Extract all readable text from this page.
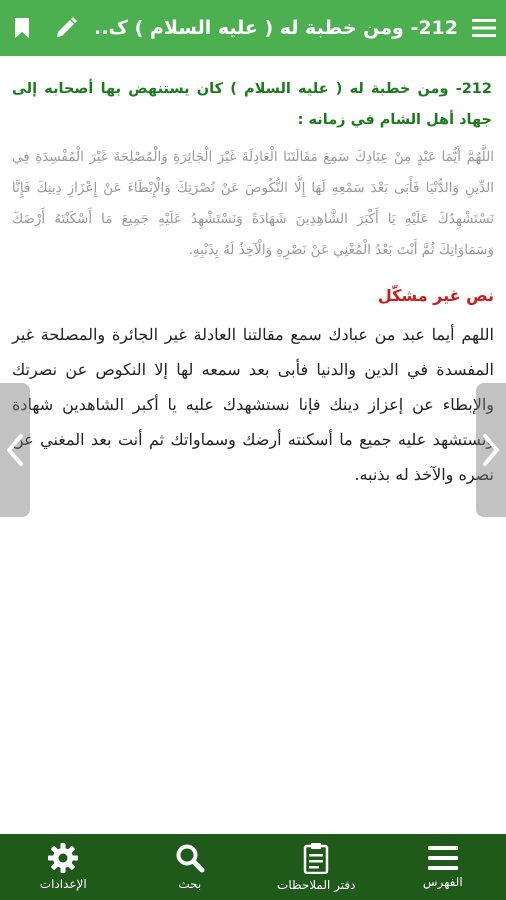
212- ومن خطبة له ( عليه السلام ) ک..

212- ومن خطبة له ( عليه السلام ) كان يستنهض بها أصحابه إلى جهاد أهل الشام في زمانه :

اللَّهُمَّ أَيُّمَا عَبْدٍ مِنْ عِبَادِكَ سَمِعَ مَقَالَتَنَا الْعَادِلَةَ غَيْرَ الْجَائِرَةِ وَالْمُصْلِحَةَ غَيْرَ الْمُفْسِدَةِ فِي الدِّينِ وَالدُّنْيَا فَأَبَى بَعْدَ سَمْعِهِ لَهَا إِلَّا النُّكُوصَ عَنْ نُصْرَتِكَ وَالْإِبْطَاءَ عَنْ إِعْزَازِ دِينِكَ فَإِنَّا نَسْتَشْهِدُكَ عَلَيْهِ يَا أَكْبَرَ الشَّاهِدِينَ شَهَادَةً وَنَسْتَشْهِدُ عَلَيْهِ جَمِيعَ مَا أَسْكَنْتَهُ أَرْضَكَ وَسَمَاوَاتِكَ ثُمَّ أَنْتَ بَعْدُ الْمُغْنِي عَنْ نَصْرِهِ وَالْآخِذُ لَهُ بِذَنْبِهِ.

نص غير مشكّل

اللهم أيما عبد من عبادك سمع مقالتنا العادلة غير الجائرة والمصلحة غير المفسدة في الدين والدنيا فأبى بعد سمعه لها إلا النكوص عن نصرتك والإبطاء عن إعزاز دينك فإنا نستشهدك عليه يا أكبر الشاهدين شهادة ونستشهد عليه جميع ما أسكنته أرضك وسماواتك ثم أنت بعد المغني عن نصره والآخذ له بذنبه.

الإعدادات	بحث	دفتر الملاحظات	الفهرس
